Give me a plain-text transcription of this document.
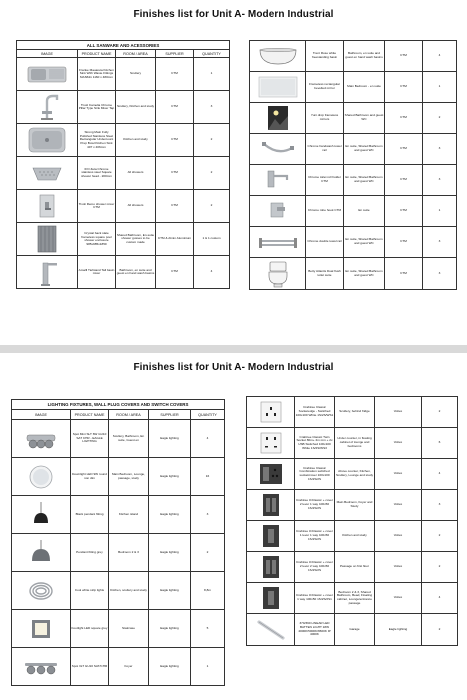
Finishes list for Unit A- Modern Industrial
ALL SANWARE AND ACESSORIES				
IMAGE	PRODUCT NAME	ROOM / AREA	SUPPLIER	QUANTITY

	Franke Mauareta Kitchen Sink With Waste Fittings MAN611 1160 x 480mm	Scullery	CTM	1

	Tivoli Camelia Chrome Pillar Type Sink Mixer Tap	Scullery, Kitchen and study	CTM	3

	Strong Main Fully Polished Stainless Steel Rectangular Undercount Prep Bowl Kitchen Sink 407 x 406mm	Kitchen and study	CTM	2

	IFO Zeta Chrome stainless steel Square shower head - 200mm	All showers	CTM	2

	Tivoli Remo shower mixer CTM	All showers	CTM	2

	Crystal back slate frameless square pool shower enclosure 985x985x1850	Shared Bathroom, En-suite shower gusses to be custom made	CTM & Almin Aluminium	1 & 1 custom

	Amalfi Tiefstand Tall basin mixer	Bathroom, en suite and guest en hand wash basins	CTM	4
	Trent Rose white freestanding basin	Bathroom, en suite and guest en hand wash basins	CTM	4

	Frameless rectangular bevelled mirror	Main Bedroom - en suite	CTM	1

	Yuni drop frameless mirrors	Shared Bathroom and guest WC	CTM	2

	Chrome handwash towel rail	En suite, Shared Bathroom and guest WC	CTM	3

	Chrome toilet roll holder CTM	En suite, Shared Bathroom and guest WC	CTM	3

	Chrome robe hook CTM	En suite	CTM	1

	Chrome double towel rail	En suite, Shared Bathroom and guest WC	CTM	3

	Betty Atlantis Dual flush toilet suite	En suite, Shared Bathroom and guest WC	CTM	3
Finishes list for Unit A- Modern Industrial
LIGHTING FIXTURES, WALL PLUG COVERS AND SWITCH COVERS				
IMAGE	PRODUCT NAME	ROOM / AREA	SUPPLIER	QUANTITY

	Spot Mini SLT 6W GU10 SAT CHR - EAGLE LIGHTING	Scullery, Bathroom, En suite, Guest en	Eagle lighting	4

	Downlight LED 9W round non dim	Main Bedroom, Lounge, passage, study	Eagle lighting	16

	Black pendant fitting	Kitchen island	Eagle lighting	3

	Pendant fitting grey	Bedroom 2 & 3	Eagle lighting	2

	Cool white strip lights	Kitchen, scullery and study	Eagle lighting	8,8m

	Footlight LED square grey	Staircase	Eagle lighting	5

	Spot 3LT GU10 SAT/CHR	Foyer	Eagle lighting	1
	Crabtree Classic Socketedge - Switched 100x100 White 1S/2S/WS1	Scullery, behind fridge	Voltex	2

	Crabtree Classic Twin Socket 80m+ 2m mm + 2x USB Switched 100x100 White 1S/2S/WS3	Under counter, in floating cabinet of lounge and bedrooms	Voltex	6

	Crabtree Classic Combination switched socket/cover 100x100 1S/2S/2S	Above counter, Kitchen, Scullery, Lounge and study	Voltex	4

	Crabtree iCClassic + cover 2 lever 1 way 100x50 1S/2S/2S	Main Bedroom, Foyer and Study	Voltex	3

	Crabtree iCClassic + cover 1 lever 1 way 100x50 1S/2S/2S	Kitchen and study	Voltex	2

	Crabtree iCClassic + cover 2 lever 2 way 100x50 1S/2S/2S	Passage on first floor	Voltex	2

	Crabtree iCClassic + cover 1 way 100x50 1S/2S/2S1	Bedroom 2 & 3, Shared Bathroom, Bead, Floating cabinet, Lounge/entrance passage	Voltex	4

	370/390 LINEAR LED BATTEN LIGHT 18W 4000K/5000K/6500K IP 4000K	Garage	Eagle lighting	2
